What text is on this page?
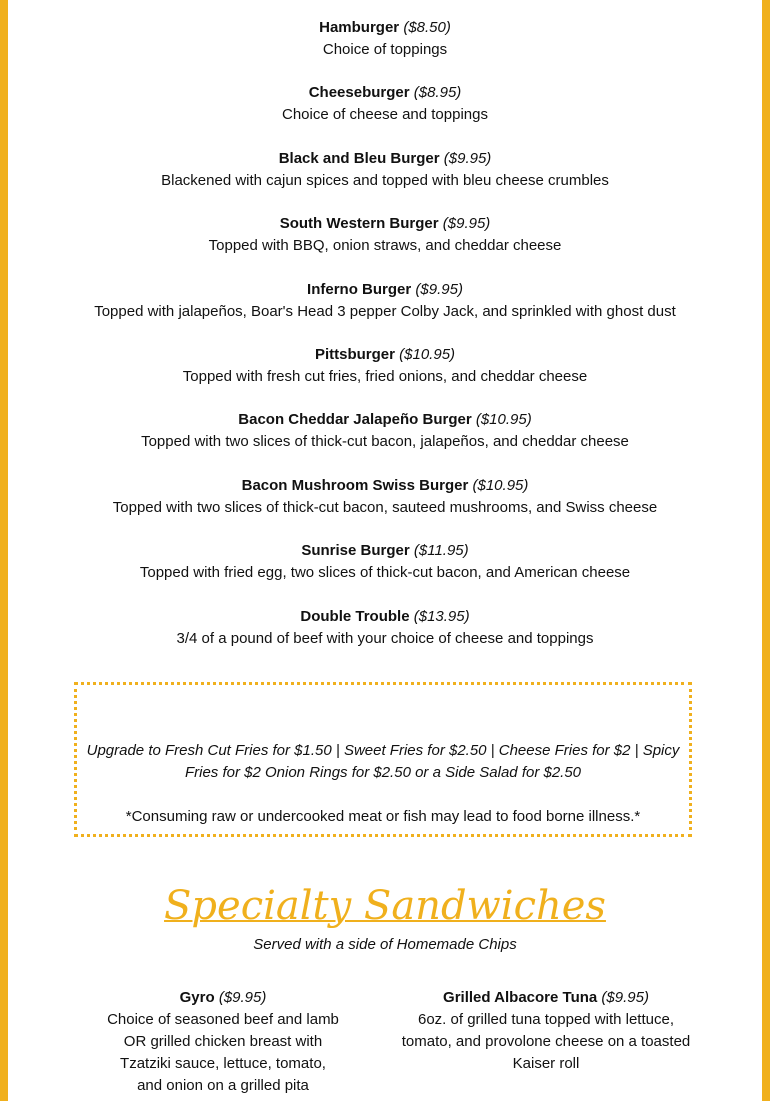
Hamburger ($8.50)
Choice of toppings
Cheeseburger ($8.95)
Choice of cheese and toppings
Black and Bleu Burger ($9.95)
Blackened with cajun spices and topped with bleu cheese crumbles
South Western Burger ($9.95)
Topped with BBQ, onion straws, and cheddar cheese
Inferno Burger ($9.95)
Topped with jalapeños, Boar's Head 3 pepper Colby Jack, and sprinkled with ghost dust
Pittsburger ($10.95)
Topped with fresh cut fries, fried onions, and cheddar cheese
Bacon Cheddar Jalapeño Burger ($10.95)
Topped with two slices of thick-cut bacon, jalapeños, and cheddar cheese
Bacon Mushroom Swiss Burger ($10.95)
Topped with two slices of thick-cut bacon, sauteed mushrooms, and Swiss cheese
Sunrise Burger ($11.95)
Topped with fried egg, two slices of thick-cut bacon, and American cheese
Double Trouble ($13.95)
3/4 of a pound of beef with your choice of cheese and toppings
Upgrade to Fresh Cut Fries for $1.50 | Sweet Fries for $2.50 | Cheese Fries for $2 | Spicy Fries for $2 Onion Rings for $2.50 or a Side Salad for $2.50
*Consuming raw or undercooked meat or fish may lead to food borne illness.*
Specialty Sandwiches
Served with a side of Homemade Chips
Gyro ($9.95)
Choice of seasoned beef and lamb
OR grilled chicken breast with
Tzatziki sauce, lettuce, tomato,
and onion on a grilled pita
Grilled Albacore Tuna ($9.95)
6oz. of grilled tuna topped with lettuce,
tomato, and provolone cheese on a toasted
Kaiser roll
